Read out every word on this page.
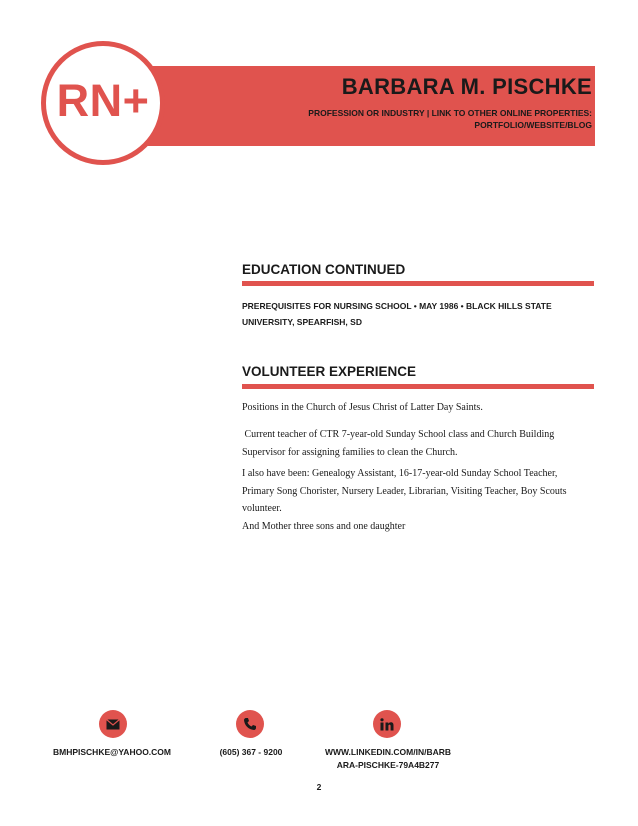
RN+	BARBARA M. PISCHKE
PROFESSION OR INDUSTRY | LINK TO OTHER ONLINE PROPERTIES: PORTFOLIO/WEBSITE/BLOG
EDUCATION CONTINUED
PREREQUISITES FOR NURSING SCHOOL • MAY 1986 • BLACK HILLS STATE UNIVERSITY, SPEARFISH, SD
VOLUNTEER EXPERIENCE
Positions in the Church of Jesus Christ of Latter Day Saints.
Current teacher of CTR 7-year-old Sunday School class and Church Building Supervisor for assigning families to clean the Church.
I also have been: Genealogy Assistant, 16-17-year-old Sunday School Teacher, Primary Song Chorister, Nursery Leader, Librarian, Visiting Teacher, Boy Scouts volunteer.
And Mother three sons and one daughter
BMHPISCHKE@YAHOO.COM	(605) 367 - 9200	WWW.LINKEDIN.COM/IN/BARBARA-PISCHKE-79A4B277
2
